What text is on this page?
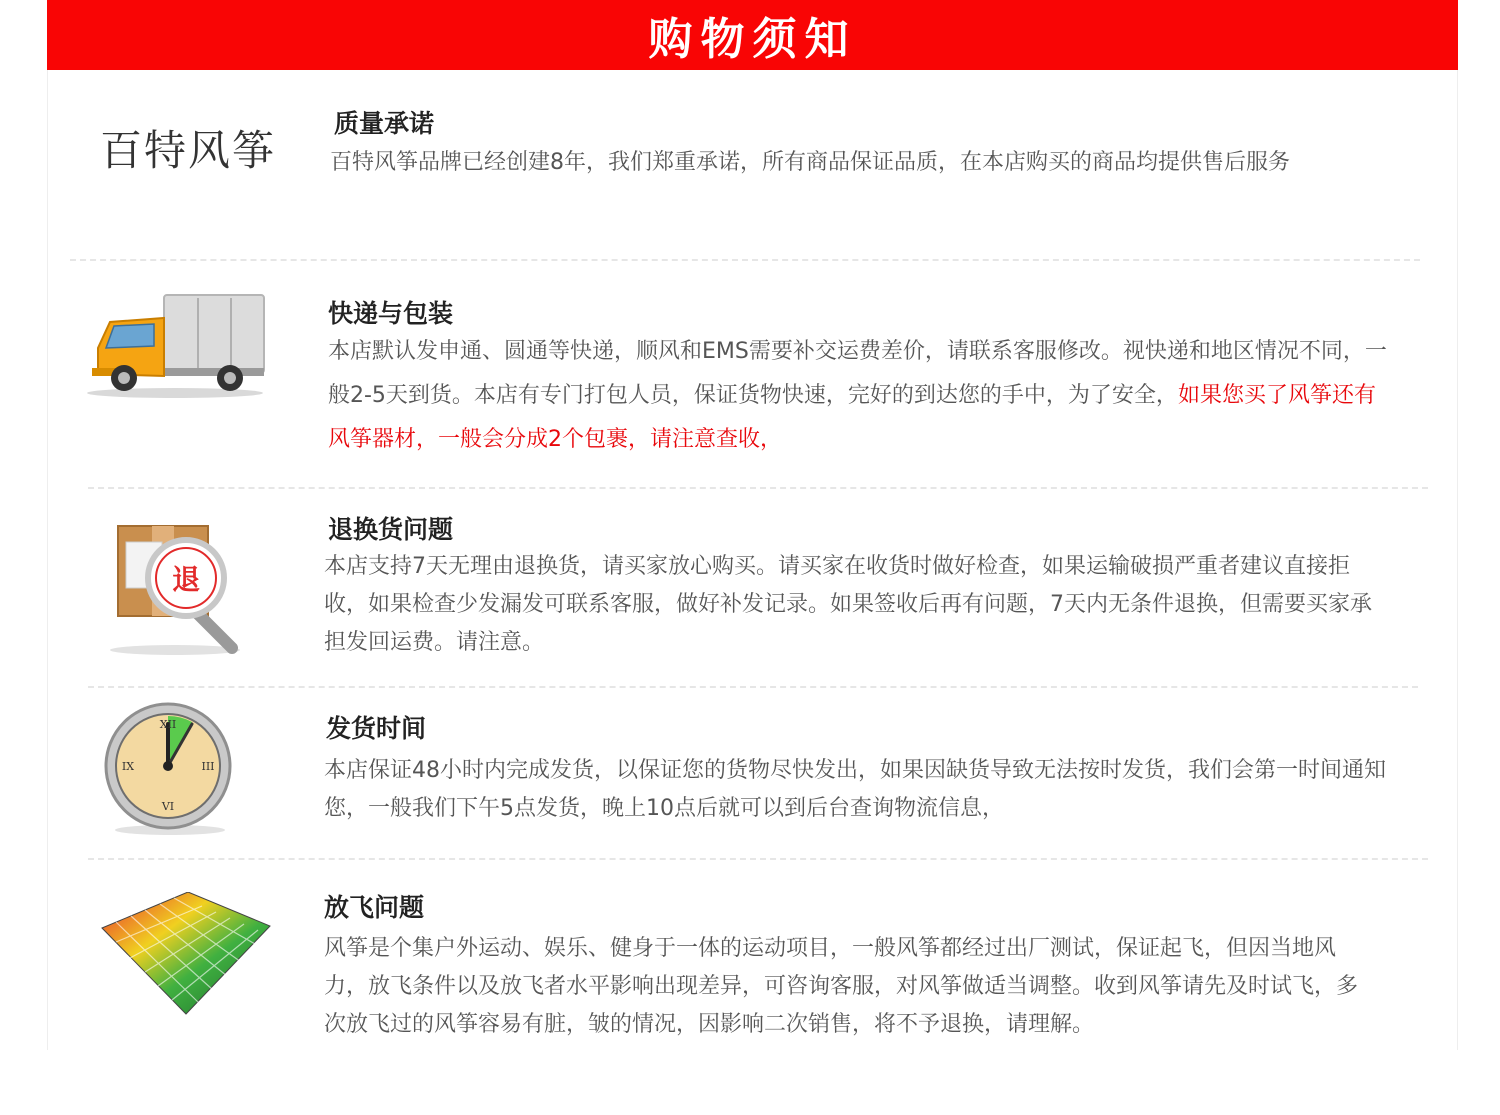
购物须知
百特风筝
质量承诺

百特风筝品牌已经创建8年，我们郑重承诺，所有商品保证品质，在本店购买的商品均提供售后服务

快递与包装

本店默认发申通、圆通等快递，顺风和EMS需要补交运费差价，请联系客服修改。视快递和地区情况不同，一般2-5天到货。本店有专门打包人员，保证货物快速，完好的到达您的手中，为了安全，如果您买了风筝还有风筝器材，一般会分成2个包裹，请注意查收，

退
退换货问题

本店支持7天无理由退换货，请买家放心购买。请买家在收货时做好检查，如果运输破损严重者建议直接拒收，如果检查少发漏发可联系客服，做好补发记录。如果签收后再有问题，7天内无条件退换，但需要买家承担发回运费。请注意。

XII
III
VI
IX
发货时间

本店保证48小时内完成发货，以保证您的货物尽快发出，如果因缺货导致无法按时发货，我们会第一时间通知您，一般我们下午5点发货，晚上10点后就可以到后台查询物流信息，

放飞问题

风筝是个集户外运动、娱乐、健身于一体的运动项目，一般风筝都经过出厂测试，保证起飞，但因当地风力，放飞条件以及放飞者水平影响出现差异，可咨询客服，对风筝做适当调整。收到风筝请先及时试飞，多次放飞过的风筝容易有脏，皱的情况，因影响二次销售，将不予退换，请理解。
